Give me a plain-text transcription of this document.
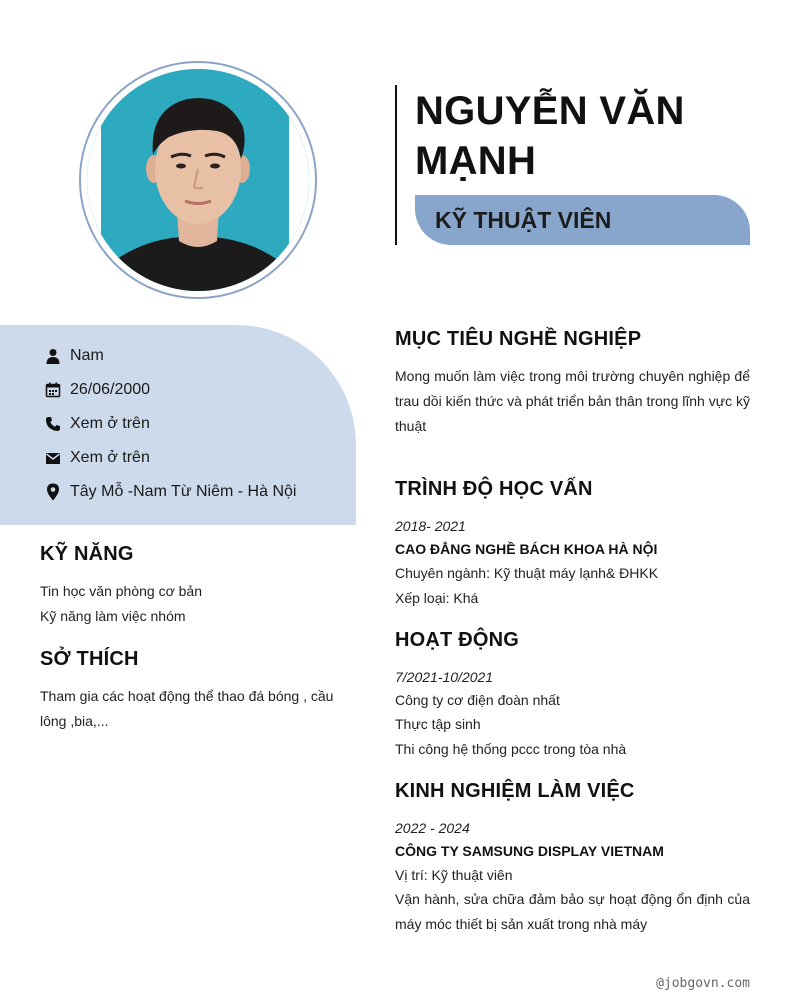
NGUYỄN VĂN MẠNH
KỸ THUẬT VIÊN
Nam
26/06/2000
Xem ở trên
Xem ở trên
Tây Mỗ -Nam Từ Niêm - Hà Nội
KỸ NĂNG
Tin học văn phòng cơ bản
Kỹ năng làm việc nhóm
SỞ THÍCH
Tham gia các hoạt động thể thao đá bóng , cầu lông ,bia,...
MỤC TIÊU NGHỀ NGHIỆP
Mong muốn làm việc trong môi trường chuyên nghiệp để trau dồi kiến thức và phát triển bản thân trong lĩnh vực kỹ thuật
TRÌNH ĐỘ HỌC VẤN
2018- 2021
CAO ĐẲNG NGHỀ BÁCH KHOA HÀ NỘI
Chuyên ngành: Kỹ thuật máy lạnh& ĐHKK
Xếp loại: Khá
HOẠT ĐỘNG
7/2021-10/2021
Công ty cơ điện đoàn nhất
Thực tập sinh
Thi công hệ thống pccc trong tòa nhà
KINH NGHIỆM LÀM VIỆC
2022 - 2024
CÔNG TY SAMSUNG DISPLAY VIETNAM
Vị trí: Kỹ thuật viên
Vận hành, sửa chữa đảm bảo sự hoạt động ổn định của máy móc thiết bị sản xuất trong nhà máy
@jobgovn.com
